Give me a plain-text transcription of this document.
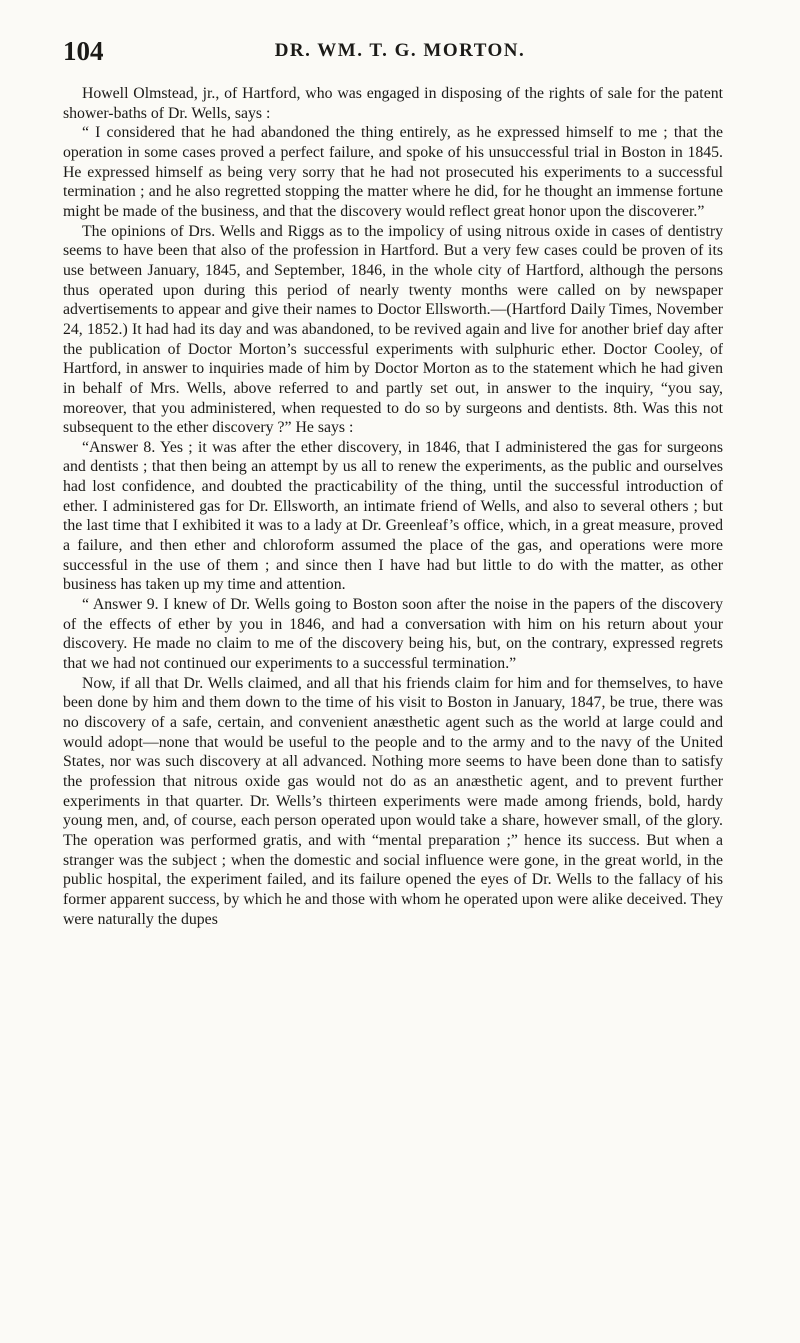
104	DR. WM. T. G. MORTON.

Howell Olmstead, jr., of Hartford, who was engaged in disposing of the rights of sale for the patent shower-baths of Dr. Wells, says :

“ I considered that he had abandoned the thing entirely, as he expressed himself to me ; that the operation in some cases proved a perfect failure, and spoke of his unsuccessful trial in Boston in 1845. He expressed himself as being very sorry that he had not prosecuted his experiments to a successful termination ; and he also regretted stopping the matter where he did, for he thought an immense fortune might be made of the business, and that the discovery would reflect great honor upon the discoverer.”

The opinions of Drs. Wells and Riggs as to the impolicy of using nitrous oxide in cases of dentistry seems to have been that also of the profession in Hartford. But a very few cases could be proven of its use between January, 1845, and September, 1846, in the whole city of Hartford, although the persons thus operated upon during this period of nearly twenty months were called on by newspaper advertisements to appear and give their names to Doctor Ellsworth.—(Hartford Daily Times, November 24, 1852.) It had had its day and was abandoned, to be revived again and live for another brief day after the publication of Doctor Morton’s successful experiments with sulphuric ether. Doctor Cooley, of Hartford, in answer to inquiries made of him by Doctor Morton as to the statement which he had given in behalf of Mrs. Wells, above referred to and partly set out, in answer to the inquiry, “you say, moreover, that you administered, when requested to do so by surgeons and dentists. 8th. Was this not subsequent to the ether discovery ?” He says :

“Answer 8. Yes ; it was after the ether discovery, in 1846, that I administered the gas for surgeons and dentists ; that then being an attempt by us all to renew the experiments, as the public and ourselves had lost confidence, and doubted the practicability of the thing, until the successful introduction of ether. I administered gas for Dr. Ellsworth, an intimate friend of Wells, and also to several others ; but the last time that I exhibited it was to a lady at Dr. Greenleaf’s office, which, in a great measure, proved a failure, and then ether and chloroform assumed the place of the gas, and operations were more successful in the use of them ; and since then I have had but little to do with the matter, as other business has taken up my time and attention.

“ Answer 9. I knew of Dr. Wells going to Boston soon after the noise in the papers of the discovery of the effects of ether by you in 1846, and had a conversation with him on his return about your discovery. He made no claim to me of the discovery being his, but, on the contrary, expressed regrets that we had not continued our experiments to a successful termination.”

Now, if all that Dr. Wells claimed, and all that his friends claim for him and for themselves, to have been done by him and them down to the time of his visit to Boston in January, 1847, be true, there was no discovery of a safe, certain, and convenient anæsthetic agent such as the world at large could and would adopt—none that would be useful to the people and to the army and to the navy of the United States, nor was such discovery at all advanced. Nothing more seems to have been done than to satisfy the profession that nitrous oxide gas would not do as an anæsthetic agent, and to prevent further experiments in that quarter. Dr. Wells’s thirteen experiments were made among friends, bold, hardy young men, and, of course, each person operated upon would take a share, however small, of the glory. The operation was performed gratis, and with “mental preparation ;” hence its success. But when a stranger was the subject ; when the domestic and social influence were gone, in the great world, in the public hospital, the experiment failed, and its failure opened the eyes of Dr. Wells to the fallacy of his former apparent success, by which he and those with whom he operated upon were alike deceived. They were naturally the dupes
